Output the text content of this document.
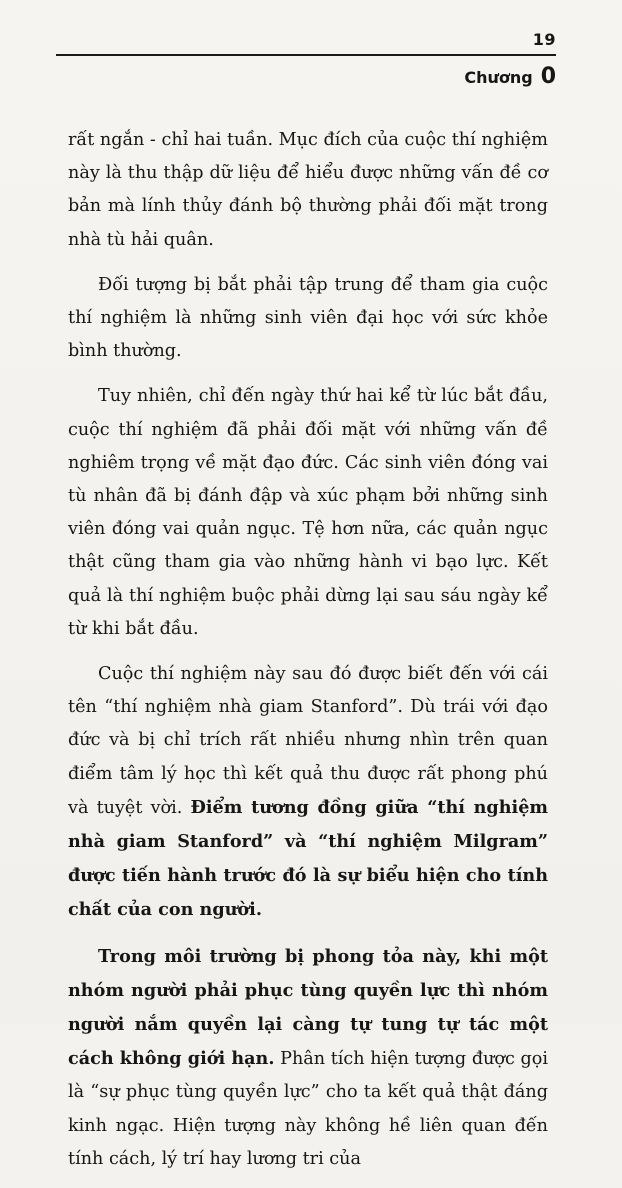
19
Chương 0

rất ngắn - chỉ hai tuần. Mục đích của cuộc thí nghiệm này là thu thập dữ liệu để hiểu được những vấn đề cơ bản mà lính thủy đánh bộ thường phải đối mặt trong nhà tù hải quân.

Đối tượng bị bắt phải tập trung để tham gia cuộc thí nghiệm là những sinh viên đại học với sức khỏe bình thường.

Tuy nhiên, chỉ đến ngày thứ hai kể từ lúc bắt đầu, cuộc thí nghiệm đã phải đối mặt với những vấn đề nghiêm trọng về mặt đạo đức. Các sinh viên đóng vai tù nhân đã bị đánh đập và xúc phạm bởi những sinh viên đóng vai quản ngục. Tệ hơn nữa, các quản ngục thật cũng tham gia vào những hành vi bạo lực. Kết quả là thí nghiệm buộc phải dừng lại sau sáu ngày kể từ khi bắt đầu.

Cuộc thí nghiệm này sau đó được biết đến với cái tên “thí nghiệm nhà giam Stanford”. Dù trái với đạo đức và bị chỉ trích rất nhiều nhưng nhìn trên quan điểm tâm lý học thì kết quả thu được rất phong phú và tuyệt vời. Điểm tương đồng giữa “thí nghiệm nhà giam Stanford” và “thí nghiệm Milgram” được tiến hành trước đó là sự biểu hiện cho tính chất của con người.

Trong môi trường bị phong tỏa này, khi một nhóm người phải phục tùng quyền lực thì nhóm người nắm quyền lại càng tự tung tự tác một cách không giới hạn. Phân tích hiện tượng được gọi là “sự phục tùng quyền lực” cho ta kết quả thật đáng kinh ngạc. Hiện tượng này không hề liên quan đến tính cách, lý trí hay lương tri của
